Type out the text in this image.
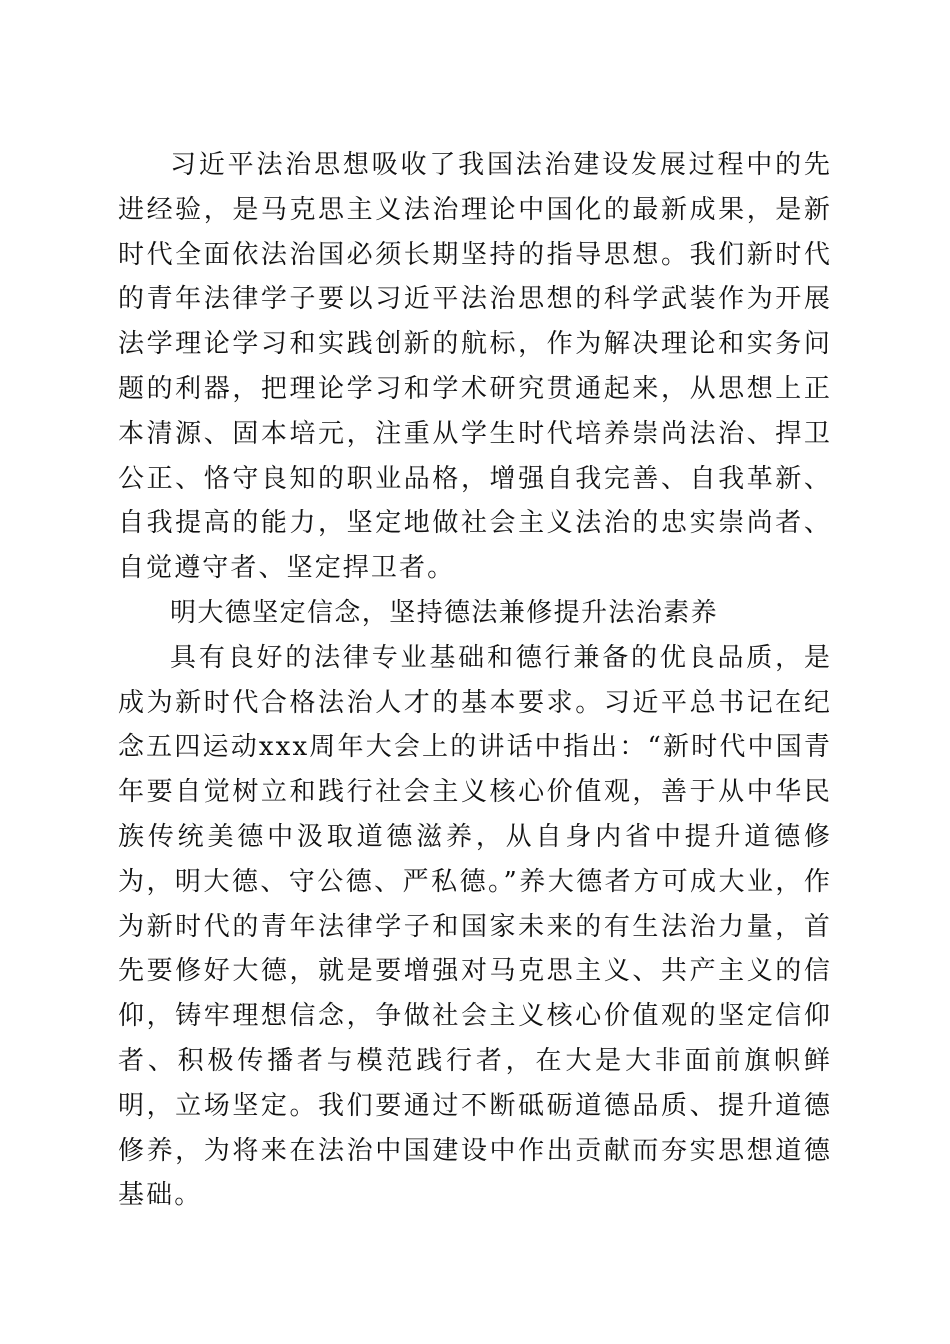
习近平法治思想吸收了我国法治建设发展过程中的先进经验，是马克思主义法治理论中国化的最新成果，是新时代全面依法治国必须长期坚持的指导思想。我们新时代的青年法律学子要以习近平法治思想的科学武装作为开展法学理论学习和实践创新的航标，作为解决理论和实务问题的利器，把理论学习和学术研究贯通起来，从思想上正本清源、固本培元，注重从学生时代培养崇尚法治、捍卫公正、恪守良知的职业品格，增强自我完善、自我革新、自我提高的能力，坚定地做社会主义法治的忠实崇尚者、自觉遵守者、坚定捍卫者。

明大德坚定信念，坚持德法兼修提升法治素养

具有良好的法律专业基础和德行兼备的优良品质，是成为新时代合格法治人才的基本要求。习近平总书记在纪念五四运动xxx周年大会上的讲话中指出：“新时代中国青年要自觉树立和践行社会主义核心价值观，善于从中华民族传统美德中汲取道德滋养，从自身内省中提升道德修为，明大德、守公德、严私德。”养大德者方可成大业，作为新时代的青年法律学子和国家未来的有生法治力量，首先要修好大德，就是要增强对马克思主义、共产主义的信仰，铸牢理想信念，争做社会主义核心价值观的坚定信仰者、积极传播者与模范践行者，在大是大非面前旗帜鲜明，立场坚定。我们要通过不断砥砺道德品质、提升道德修养，为将来在法治中国建设中作出贡献而夯实思想道德基础。
